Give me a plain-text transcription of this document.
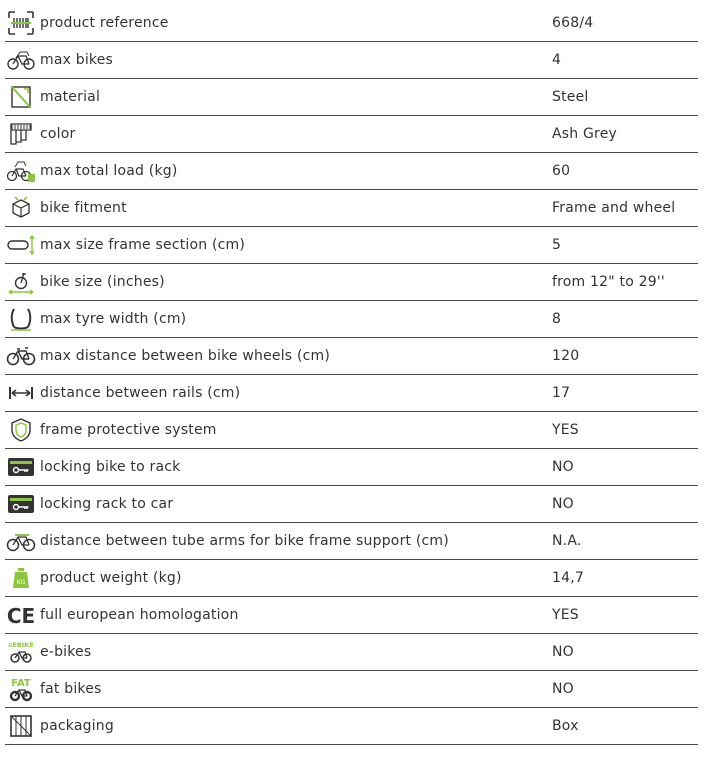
product reference	668/4
max bikes	4
material	Steel
color	Ash Grey
max total load (kg)	60
bike fitment	Frame and wheel
max size frame section (cm)	5
bike size (inches)	from 12" to 29''
max tyre width (cm)	8
max distance between bike wheels (cm)	120
distance between rails (cm)	17
frame protective system	YES
locking bike to rack	NO
locking rack to car	NO
distance between tube arms for bike frame support (cm)	N.A.
KG product weight (kg)	14,7
CE full european homologation	YES
EBIKE e-bikes	NO
FAT fat bikes	NO
packaging	Box
